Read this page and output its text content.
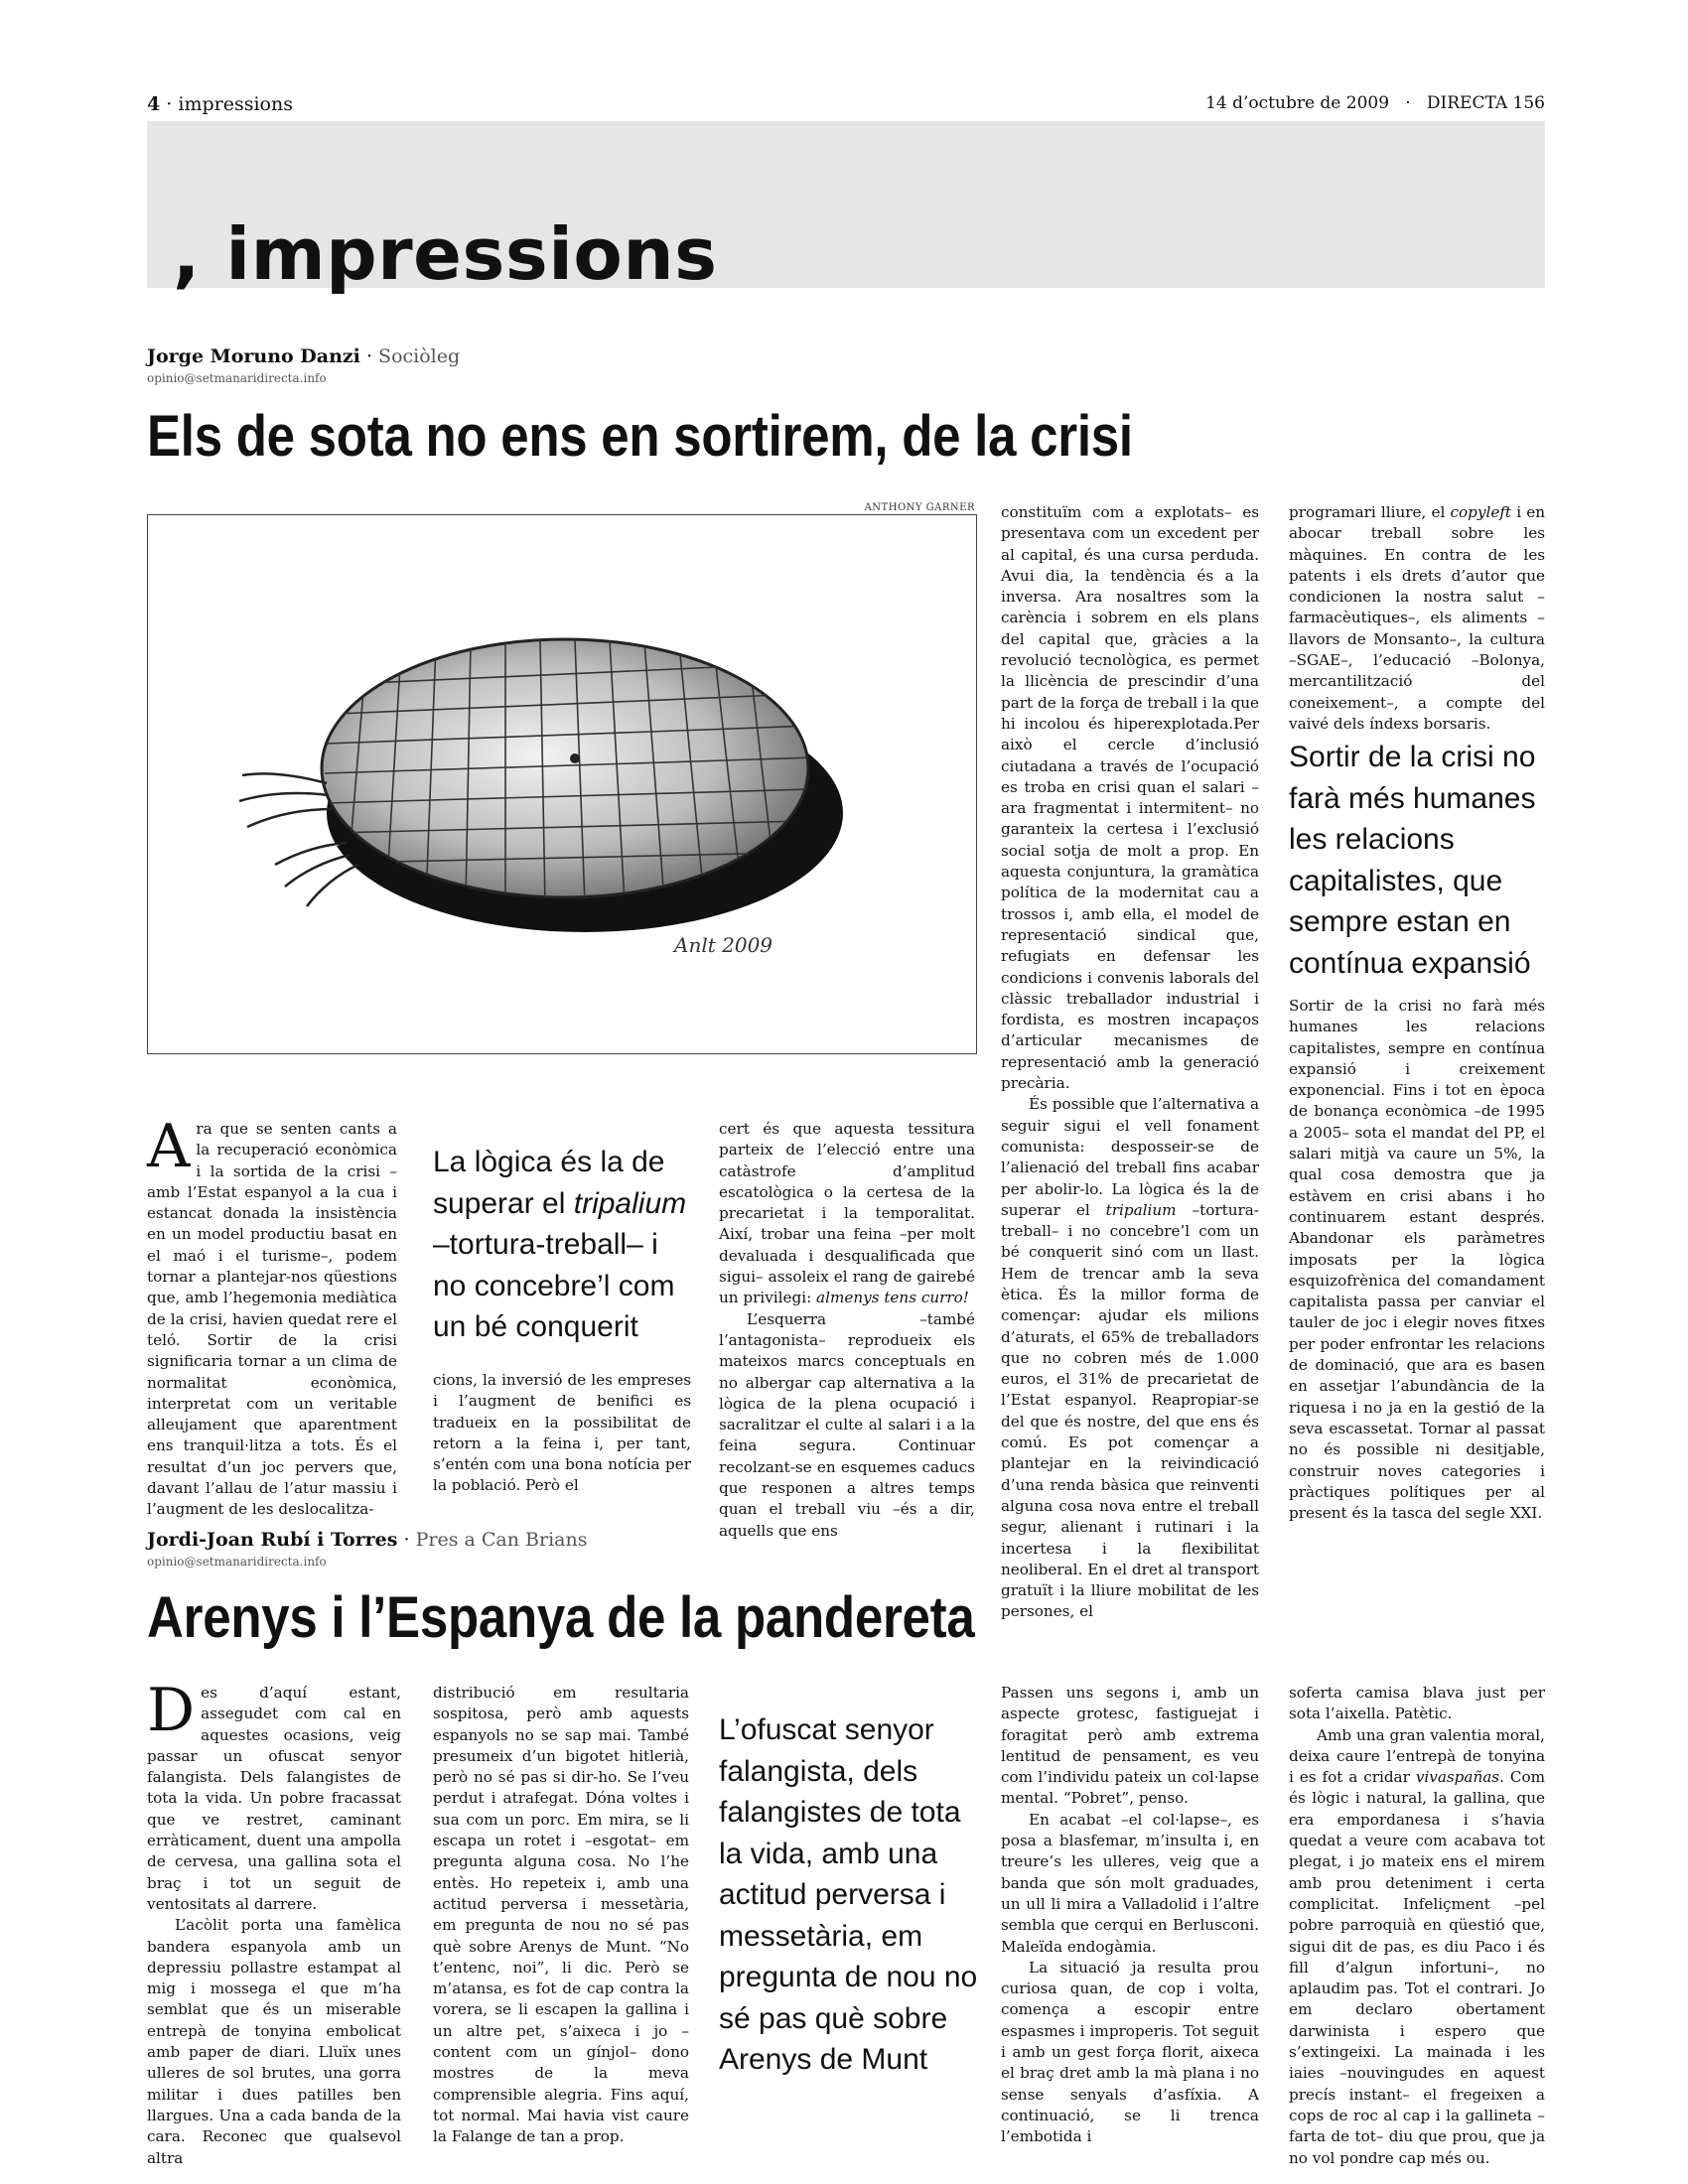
4 · impressions	14 d’octubre de 2009   ·   DIRECTA 156
, impressions
Jorge Moruno Danzi · Sociòleg
opinio@setmanaridirecta.info
Els de sota no ens en sortirem, de la crisi
ANTHONY GARNER
Anlt 2009

Ara que se senten cants a la recuperació econòmica i la sortida de la crisi –amb l’Estat espanyol a la cua i estancat donada la insistència en un model productiu basat en el maó i el turisme–, podem tornar a plantejar-nos qüestions que, amb l’hegemonia mediàtica de la crisi, havien quedat rere el teló. Sortir de la crisi significaria tornar a un clima de normalitat econòmica, interpretat com un veritable alleujament que aparentment ens tranquil·litza a tots. És el resultat d’un joc pervers que, davant l’allau de l’atur massiu i l’augment de les deslocalitza-

La lògica és la de superar el tripalium –tortura-treball– i no concebre’l com un bé conquerit

cions, la inversió de les empreses i l’augment de benifici es tradueix en la possibilitat de retorn a la feina i, per tant, s’entén com una bona notícia per la població. Però el

cert és que aquesta tessitura parteix de l’elecció entre una catàstrofe d’amplitud escatològica o la certesa de la precarietat i la temporalitat. Així, trobar una feina –per molt devaluada i desqualificada que sigui– assoleix el rang de gairebé un privilegi: almenys tens curro!

L’esquerra –també l’antagonista– reprodueix els mateixos marcs conceptuals en no albergar cap alternativa a la lògica de la plena ocupació i sacralitzar el culte al salari i a la feina segura. Continuar recolzant-se en esquemes caducs que responen a altres temps quan el treball viu –és a dir, aquells que ens

constituïm com a explotats– es presentava com un excedent per al capital, és una cursa perduda. Avui dia, la tendència és a la inversa. Ara nosaltres som la carència i sobrem en els plans del capital que, gràcies a la revolució tecnològica, es permet la llicència de prescindir d’una part de la força de treball i la que hi incolou és hiperexplotada.Per això el cercle d’inclusió ciutadana a través de l’ocupació es troba en crisi quan el salari –ara fragmentat i intermitent– no garanteix la certesa i l’exclusió social sotja de molt a prop. En aquesta conjuntura, la gramàtica política de la modernitat cau a trossos i, amb ella, el model de representació sindical que, refugiats en defensar les condicions i convenis laborals del clàssic treballador industrial i fordista, es mostren incapaços d’articular mecanismes de representació amb la generació precària.

És possible que l’alternativa a seguir sigui el vell fonament comunista: desposseir-se de l’alienació del treball fins acabar per abolir-lo. La lògica és la de superar el tripalium –tortura-treball– i no concebre’l com un bé conquerit sinó com un llast. Hem de trencar amb la seva ètica. És la millor forma de començar: ajudar els milions d’aturats, el 65% de treballadors que no cobren més de 1.000 euros, el 31% de precarietat de l’Estat espanyol. Reapropiar-se del que és nostre, del que ens és comú. Es pot començar a plantejar en la reivindicació d’una renda bàsica que reinventi alguna cosa nova entre el treball segur, alienant i rutinari i la incertesa i la flexibilitat neoliberal. En el dret al transport gratuït i la lliure mobilitat de les persones, el

programari lliure, el copyleft i en abocar treball sobre les màquines. En contra de les patents i els drets d’autor que condicionen la nostra salut –farmacèutiques–, els aliments –llavors de Monsanto–, la cultura –SGAE–, l’educació –Bolonya, mercantilització del coneixement–, a compte del vaivé dels índexs borsaris.

Sortir de la crisi no farà més humanes les relacions capitalistes, que sempre estan en contínua expansió

Sortir de la crisi no farà més humanes les relacions capitalistes, sempre en contínua expansió i creixement exponencial. Fins i tot en època de bonança econòmica –de 1995 a 2005– sota el mandat del PP, el salari mitjà va caure un 5%, la qual cosa demostra que ja estàvem en crisi abans i ho continuarem estant després. Abandonar els paràmetres imposats per la lògica esquizofrènica del comandament capitalista passa per canviar el tauler de joc i elegir noves fitxes per poder enfrontar les relacions de dominació, que ara es basen en assetjar l’abundància de la riquesa i no ja en la gestió de la seva escassetat. Tornar al passat no és possible ni desitjable, construir noves categories i pràctiques polítiques per al present és la tasca del segle XXI.

Jordi-Joan Rubí i Torres · Pres a Can Brians
opinio@setmanaridirecta.info
Arenys i l’Espanya de la pandereta

Des d’aquí estant, assegudet com cal en aquestes ocasions, veig passar un ofuscat senyor falangista. Dels falangistes de tota la vida. Un pobre fracassat que ve restret, caminant erràticament, duent una ampolla de cervesa, una gallina sota el braç i tot un seguit de ventositats al darrere.

L’acòlit porta una famèlica bandera espanyola amb un depressiu pollastre estampat al mig i mossega el que m’ha semblat que és un miserable entrepà de tonyina embolicat amb paper de diari. Lluïx unes ulleres de sol brutes, una gorra militar i dues patilles ben llargues. Una a cada banda de la cara. Reconec que qualsevol altra

distribució em resultaria sospitosa, però amb aquests espanyols no se sap mai. També presumeix d’un bigotet hitlerià, però no sé pas si dir-ho. Se l’veu perdut i atrafegat. Dóna voltes i sua com un porc. Em mira, se li escapa un rotet i –esgotat– em pregunta alguna cosa. No l’he entès. Ho repeteix i, amb una actitud perversa i messetària, em pregunta de nou no sé pas què sobre Arenys de Munt. “No t’entenc, noi”, li dic. Però se m’atansa, es fot de cap contra la vorera, se li escapen la gallina i un altre pet, s’aixeca i jo –content com un gínjol– dono mostres de la meva comprensible alegria. Fins aquí, tot normal. Mai havia vist caure la Falange de tan a prop.

L’ofuscat senyor falangista, dels falangistes de tota la vida, amb una actitud perversa i messetària, em pregunta de nou no sé pas què sobre Arenys de Munt

Passen uns segons i, amb un aspecte grotesc, fastiguejat i foragitat però amb extrema lentitud de pensament, es veu com l’individu pateix un col·lapse mental. “Pobret”, penso.

En acabat –el col·lapse–, es posa a blasfemar, m’insulta i, en treure’s les ulleres, veig que a banda que són molt graduades, un ull li mira a Valladolid i l’altre sembla que cerqui en Berlusconi. Maleïda endogàmia.

La situació ja resulta prou curiosa quan, de cop i volta, comença a escopir entre espasmes i improperis. Tot seguit i amb un gest força florit, aixeca el braç dret amb la mà plana i no sense senyals d’asfíxia. A continuació, se li trenca l’embotida i

soferta camisa blava just per sota l’aixella. Patètic.

Amb una gran valentia moral, deixa caure l’entrepà de tonyina i es fot a cridar vivaspañas. Com és lògic i natural, la gallina, que era empordanesa i s’havia quedat a veure com acabava tot plegat, i jo mateix ens el mirem amb prou deteniment i certa complicitat. Infeliçment –pel pobre parroquià en qüestió que, sigui dit de pas, es diu Paco i és fill d’algun infortuni–, no aplaudim pas. Tot el contrari. Jo em declaro obertament darwinista i espero que s’extingeixi. La mainada i les iaies –nouvingudes en aquest precís instant– el fregeixen a cops de roc al cap i la gallineta –farta de tot– diu que prou, que ja no vol pondre cap més ou.
